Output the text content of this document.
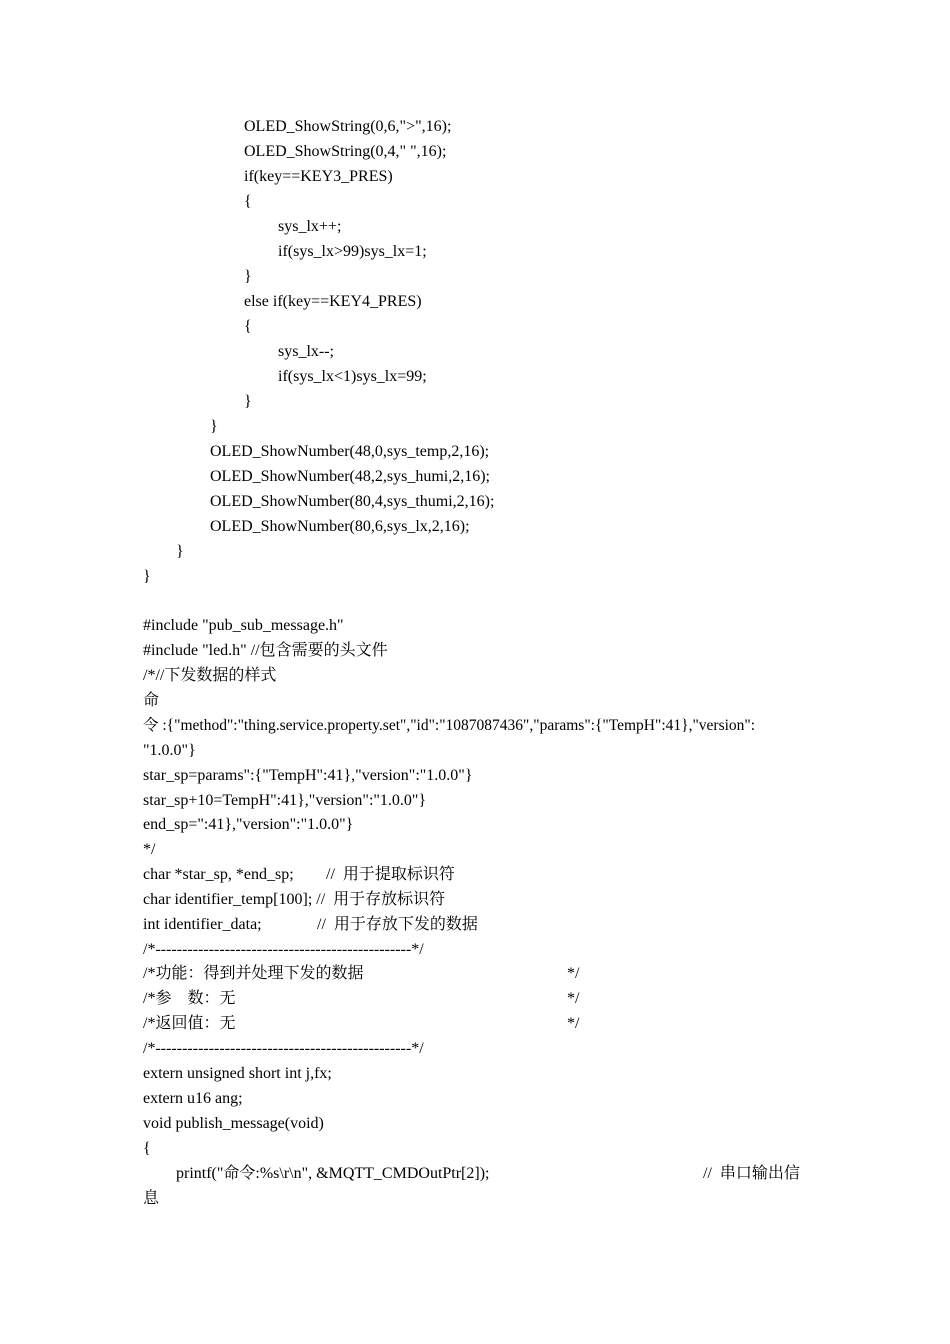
OLED_ShowString(0,6,">",16);
OLED_ShowString(0,4," ",16);
if(key==KEY3_PRES)
{
sys_lx++;
if(sys_lx>99)sys_lx=1;
}
else if(key==KEY4_PRES)
{
sys_lx--;
if(sys_lx<1)sys_lx=99;
}
}
OLED_ShowNumber(48,0,sys_temp,2,16);
OLED_ShowNumber(48,2,sys_humi,2,16);
OLED_ShowNumber(80,4,sys_thumi,2,16);
OLED_ShowNumber(80,6,sys_lx,2,16);
}
}
#include "pub_sub_message.h"
#include "led.h" //包含需要的头文件
/*//下发数据的样式
命
令 :{"method":"thing.service.property.set","id":"1087087436","params":{"TempH":41},"version":
"1.0.0"}
star_sp=params":{"TempH":41},"version":"1.0.0"}
star_sp+10=TempH":41},"version":"1.0.0"}
end_sp=":41},"version":"1.0.0"}
*/
char *star_sp, *end_sp; //  用于提取标识符
char identifier_temp[100]; //  用于存放标识符
int identifier_data;	//  用于存放下发的数据
/*------------------------------------------------*/
/*功能：得到并处理下发的数据	*/
/*参    数：无	*/
/*返回值：无	*/
/*------------------------------------------------*/
extern unsigned short int j,fx;
extern u16 ang;
void publish_message(void)
{
printf("命令:%s\r\n", &MQTT_CMDOutPtr[2]);	//  串口输出信
息
